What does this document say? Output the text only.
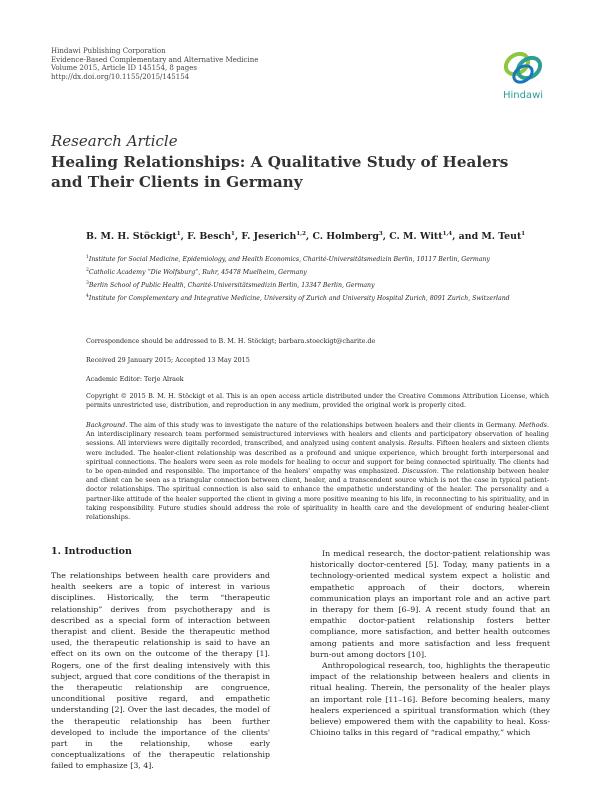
Hindawi Publishing Corporation
Evidence-Based Complementary and Alternative Medicine
Volume 2015, Article ID 145154, 8 pages
http://dx.doi.org/10.1155/2015/145154
Hindawi
Research Article
Healing Relationships: A Qualitative Study of Healers and Their Clients in Germany
B. M. H. Stöckigt$^1$, F. Besch$^1$, F. Jeserich$^{1,2}$, C. Holmberg$^3$, C. M. Witt$^{1,4}$, and M. Teut$^1$
$^1$Institute for Social Medicine, Epidemiology, and Health Economics, Charité-Universitätsmedizin Berlin, 10117 Berlin, Germany
$^2$Catholic Academy “Die Wolfsburg”, Ruhr, 45478 Muelheim, Germany
$^3$Berlin School of Public Health, Charité-Universitätsmedizin Berlin, 13347 Berlin, Germany
$^4$Institute for Complementary and Integrative Medicine, University of Zurich and University Hospital Zurich, 8091 Zurich, Switzerland
Correspondence should be addressed to B. M. H. Stöckigt; barbara.stoeckigt@charite.de
Received 29 January 2015; Accepted 13 May 2015
Academic Editor: Terje Alraek
Copyright © 2015 B. M. H. Stöckigt et al. This is an open access article distributed under the Creative Commons Attribution License, which permits unrestricted use, distribution, and reproduction in any medium, provided the original work is properly cited.
Background. The aim of this study was to investigate the nature of the relationships between healers and their clients in Germany. Methods. An interdisciplinary research team performed semistructured interviews with healers and clients and participatory observation of healing sessions. All interviews were digitally recorded, transcribed, and analyzed using content analysis. Results. Fifteen healers and sixteen clients were included. The healer-client relationship was described as a profound and unique experience, which brought forth interpersonal and spiritual connections. The healers were seen as role models for healing to occur and support for being connected spiritually. The clients had to be open-minded and responsible. The importance of the healers' empathy was emphasized. Discussion. The relationship between healer and client can be seen as a triangular connection between client, healer, and a transcendent source which is not the case in typical patient-doctor relationships. The spiritual connection is also said to enhance the empathetic understanding of the healer. The personality and a partner-like attitude of the healer supported the client in giving a more positive meaning to his life, in reconnecting to his spirituality, and in taking responsibility. Future studies should address the role of spirituality in health care and the development of enduring healer-client relationships.
1. Introduction

The relationships between health care providers and health seekers are a topic of interest in various disciplines. Historically, the term “therapeutic relationship” derives from psychotherapy and is described as a special form of interaction between therapist and client. Beside the therapeutic method used, the therapeutic relationship is said to have an effect on its own on the outcome of the therapy [1]. Rogers, one of the first dealing intensively with this subject, argued that core conditions of the therapist in the therapeutic relationship are congruence, unconditional positive regard, and empathetic understanding [2]. Over the last decades, the model of the therapeutic relationship has been further developed to include the importance of the clients' part in the relationship, whose early conceptualizations of the therapeutic relationship failed to emphasize [3, 4].

In medical research, the doctor-patient relationship was historically doctor-centered [5]. Today, many patients in a technology-oriented medical system expect a holistic and empathetic approach of their doctors, wherein communication plays an important role and an active part in therapy for them [6–9]. A recent study found that an empathic doctor-patient relationship fosters better compliance, more satisfaction, and better health outcomes among patients and more satisfaction and less frequent burn-out among doctors [10].

Anthropological research, too, highlights the therapeutic impact of the relationship between healers and clients in ritual healing. Therein, the personality of the healer plays an important role [11–16]. Before becoming healers, many healers experienced a spiritual transformation which (they believe) empowered them with the capability to heal. Koss-Chioino talks in this regard of “radical empathy,” which
